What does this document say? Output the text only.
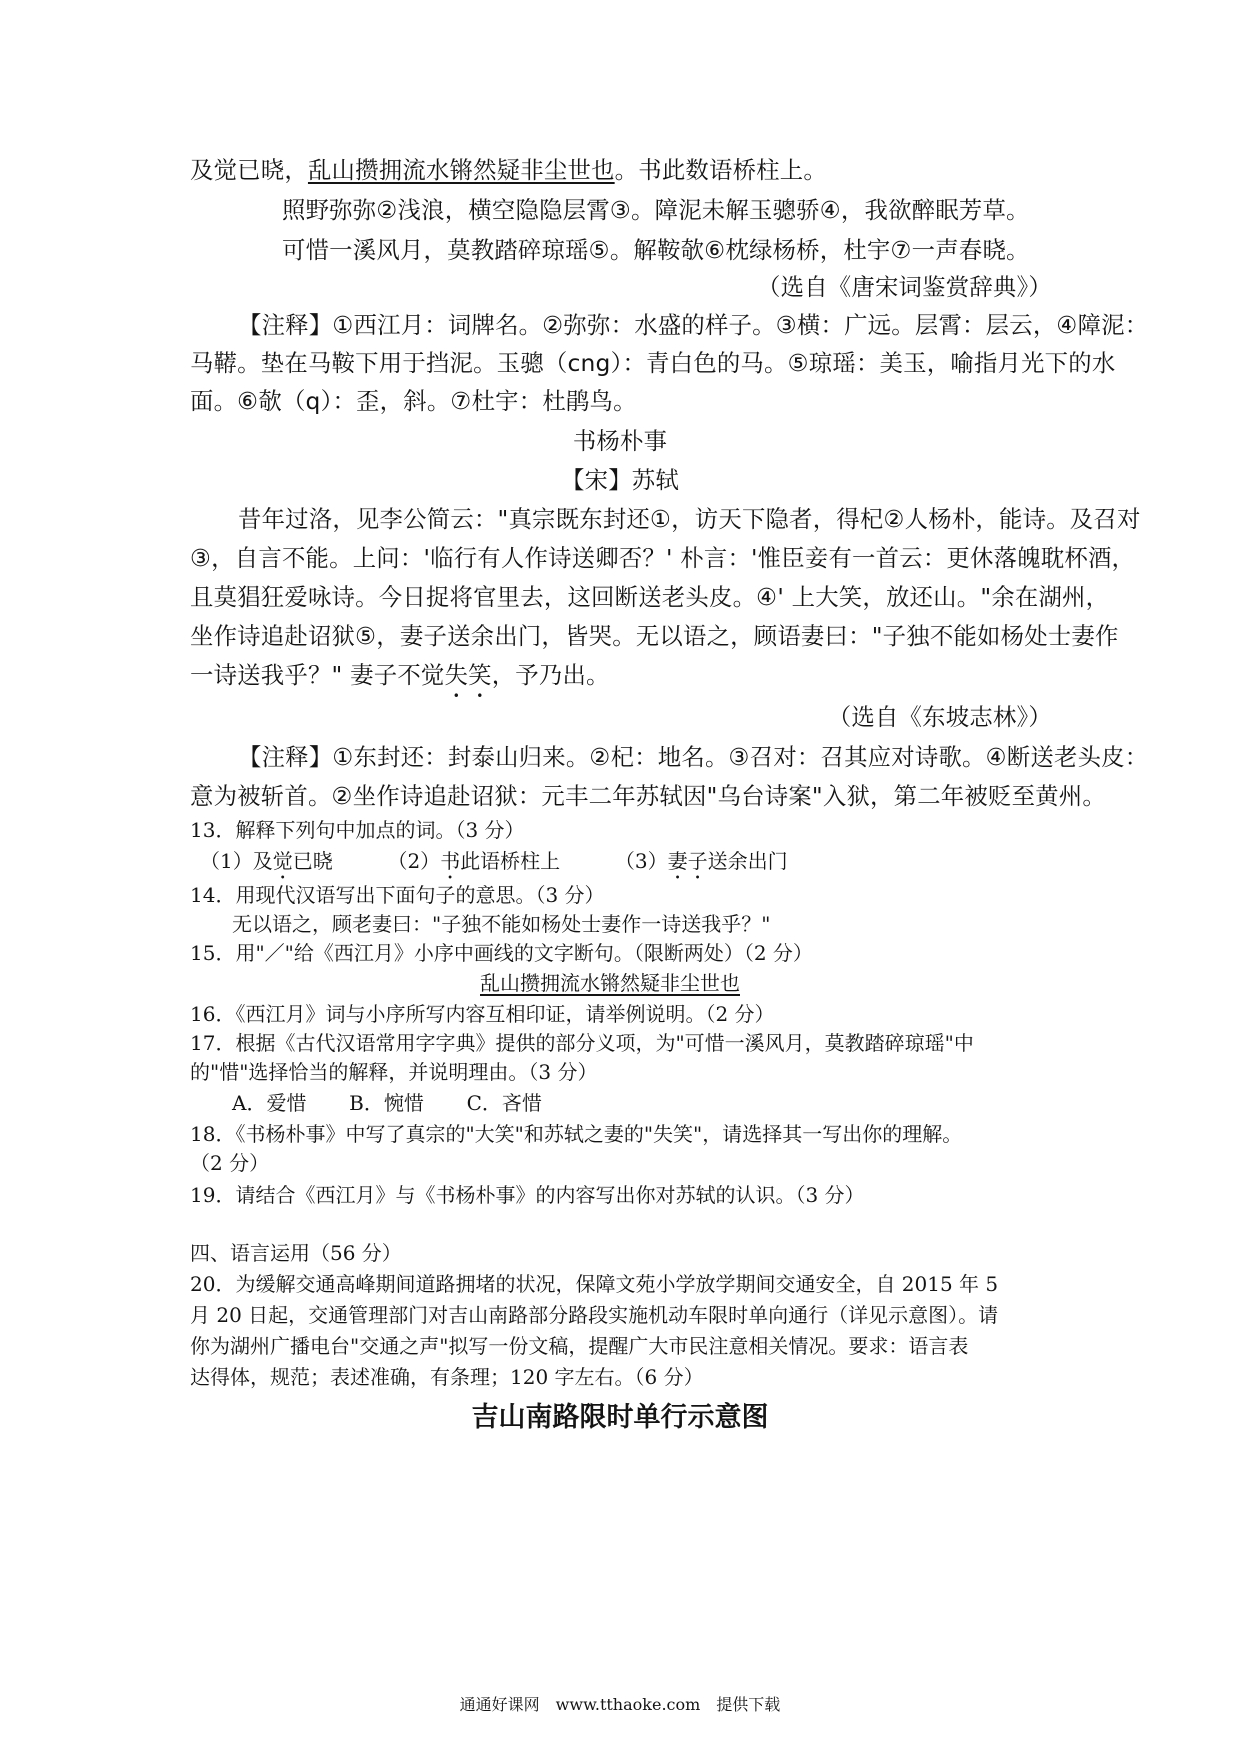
及觉已晓，乱山攒拥流水锵然疑非尘世也。书此数语桥柱上。
照野弥弥②浅浪，横空隐隐层霄③。障泥未解玉骢骄④，我欲醉眠芳草。
可惜一溪风月，莫教踏碎琼瑶⑤。解鞍欹⑥枕绿杨桥，杜宇⑦一声春晓。
（选自《唐宋词鉴赏辞典》）
【注释】①西江月：词牌名。②弥弥：水盛的样子。③横：广远。层霄：层云，④障泥：
马鞯。垫在马鞍下用于挡泥。玉骢（cng）：青白色的马。⑤琼瑶：美玉，喻指月光下的水
面。⑥欹（q）：歪，斜。⑦杜宇：杜鹃鸟。
书杨朴事
【宋】苏轼
昔年过洛，见李公简云："真宗既东封还①，访天下隐者，得杞②人杨朴，能诗。及召对
③，自言不能。上问：'临行有人作诗送卿否？' 朴言：'惟臣妾有一首云：更休落魄耽杯酒，
且莫猖狂爱咏诗。今日捉将官里去，这回断送老头皮。④' 上大笑，放还山。"余在湖州，
坐作诗追赴诏狱⑤，妻子送余出门，皆哭。无以语之，顾语妻曰："子独不能如杨处士妻作
一诗送我乎？" 妻子不觉失笑，予乃出。
（选自《东坡志林》）
【注释】①东封还：封泰山归来。②杞：地名。③召对：召其应对诗歌。④断送老头皮：
意为被斩首。②坐作诗追赴诏狱：元丰二年苏轼因"乌台诗案"入狱，第二年被贬至黄州。
13．解释下列句中加点的词。（3 分）
（1）及觉已晓	（2）书此语桥柱上	（3）妻子送余出门
14．用现代汉语写出下面句子的意思。（3 分）
无以语之，顾老妻曰："子独不能如杨处士妻作一诗送我乎？"
15．用"／"给《西江月》小序中画线的文字断句。（限断两处）（2 分）
乱山攒拥流水锵然疑非尘世也
16．《西江月》词与小序所写内容互相印证，请举例说明。（2 分）
17．根据《古代汉语常用字字典》提供的部分义项，为"可惜一溪风月，莫教踏碎琼瑶"中
的"惜"选择恰当的解释，并说明理由。（3 分）
A．爱惜 B．惋惜 C．吝惜
18．《书杨朴事》中写了真宗的"大笑"和苏轼之妻的"失笑"，请选择其一写出你的理解。
（2 分）
19．请结合《西江月》与《书杨朴事》的内容写出你对苏轼的认识。（3 分）
四、语言运用（56 分）
20．为缓解交通高峰期间道路拥堵的状况，保障文苑小学放学期间交通安全，自 2015 年 5
月 20 日起，交通管理部门对吉山南路部分路段实施机动车限时单向通行（详见示意图）。请
你为湖州广播电台"交通之声"拟写一份文稿，提醒广大市民注意相关情况。要求：语言表
达得体，规范；表述准确，有条理；120 字左右。（6 分）
吉山南路限时单行示意图
通通好课网　www.tthaoke.com　提供下载
